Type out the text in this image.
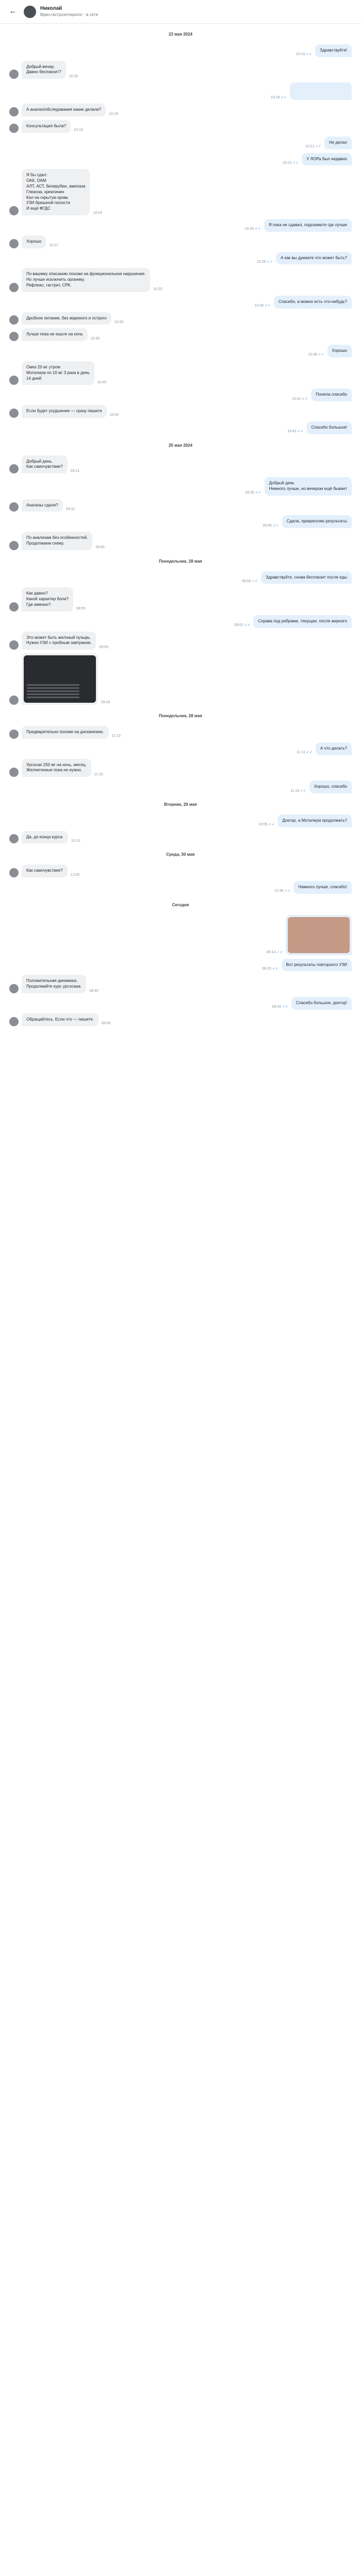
←	Николай
Врач-гастроэнтеролог · в сети
23 мая 2024
10:14 ✓✓
Здравствуйте!
Добрый вечер.
Давно беспокоит?
10:16
10:18 ✓✓
А анализ/обследования какие делали?
10:19
Консультация была?
10:19
10:21 ✓✓
Не делал
10:21 ✓✓
У ЛОРа был недавно
Я бы сдал:
ОАК, ОАМ
АЛТ, АСТ, билирубин, амилаза
Глюкоза, креатинин
Кал на скрытую кровь
УЗИ брюшной полости
И ещё ФГДС
10:24
10:26 ✓✓
Я пока не сдавал, подскажите где лучше
Хорошо
10:27
10:28 ✓✓
А как вы думаете что может быть?
По вашему описанию похоже на функциональное нарушение.
Но лучше исключить органику.
Рефлюкс, гастрит, СРК.
10:32
10:34 ✓✓
Спасибо, а можно есть что-нибудь?
Дробное питание, без жареного и острого
10:35
Лучше пока не ешьте на ночь
10:35
10:36 ✓✓
Хорошо
Омез 20 мг утром
Мотилиум по 10 мг 3 раза в день
14 дней
10:40
10:41 ✓✓
Поняла спасибо
Если будет ухудшение — сразу пишите
10:42
10:43 ✓✓
Спасибо большое!
25 мая 2024
Добрый день.
Как самочувствие?
09:12
09:30 ✓✓
Добрый день
Немного лучше, но вечером ещё бывает
Анализы сдали?
09:31
09:40 ✓✓
Сдала, прикрепляю результаты
По анализам без особенностей.
Продолжаем схему.
09:45
Понедельник, 28 мая
08:50 ✓✓
Здравствуйте, снова беспокоит после еды
Как давно?
Какой характер боли?
Где именно?
08:55
09:02 ✓✓
Справа под ребрами, тянущая, после жирного
Это может быть желчный пузырь.
Нужно УЗИ с пробным завтраком.
09:05
09:05
Понедельник, 28 мая
Предварительно похоже на дискинезию.
11:10
11:12 ✓✓
А что делать?
Урсосан 250 мг на ночь, месяц.
Желчегонные пока не нужно.
11:15
11:16 ✓✓
Хорошо, спасибо
Вторник, 29 мая
10:05 ✓✓
Доктор, а Мотилиум продолжать?
Да, до конца курса.
10:10
Среда, 30 мая
Как самочувствие?
12:00
12:30 ✓✓
Намного лучше, спасибо!
Сегодня
08:14 ✓✓
08:15 ✓✓
Вот результаты повторного УЗИ
Положительная динамика.
Продолжайте курс урсосана.
08:40
08:42 ✓✓
Спасибо большое, доктор!
Обращайтесь. Если что — пишите.
08:45
